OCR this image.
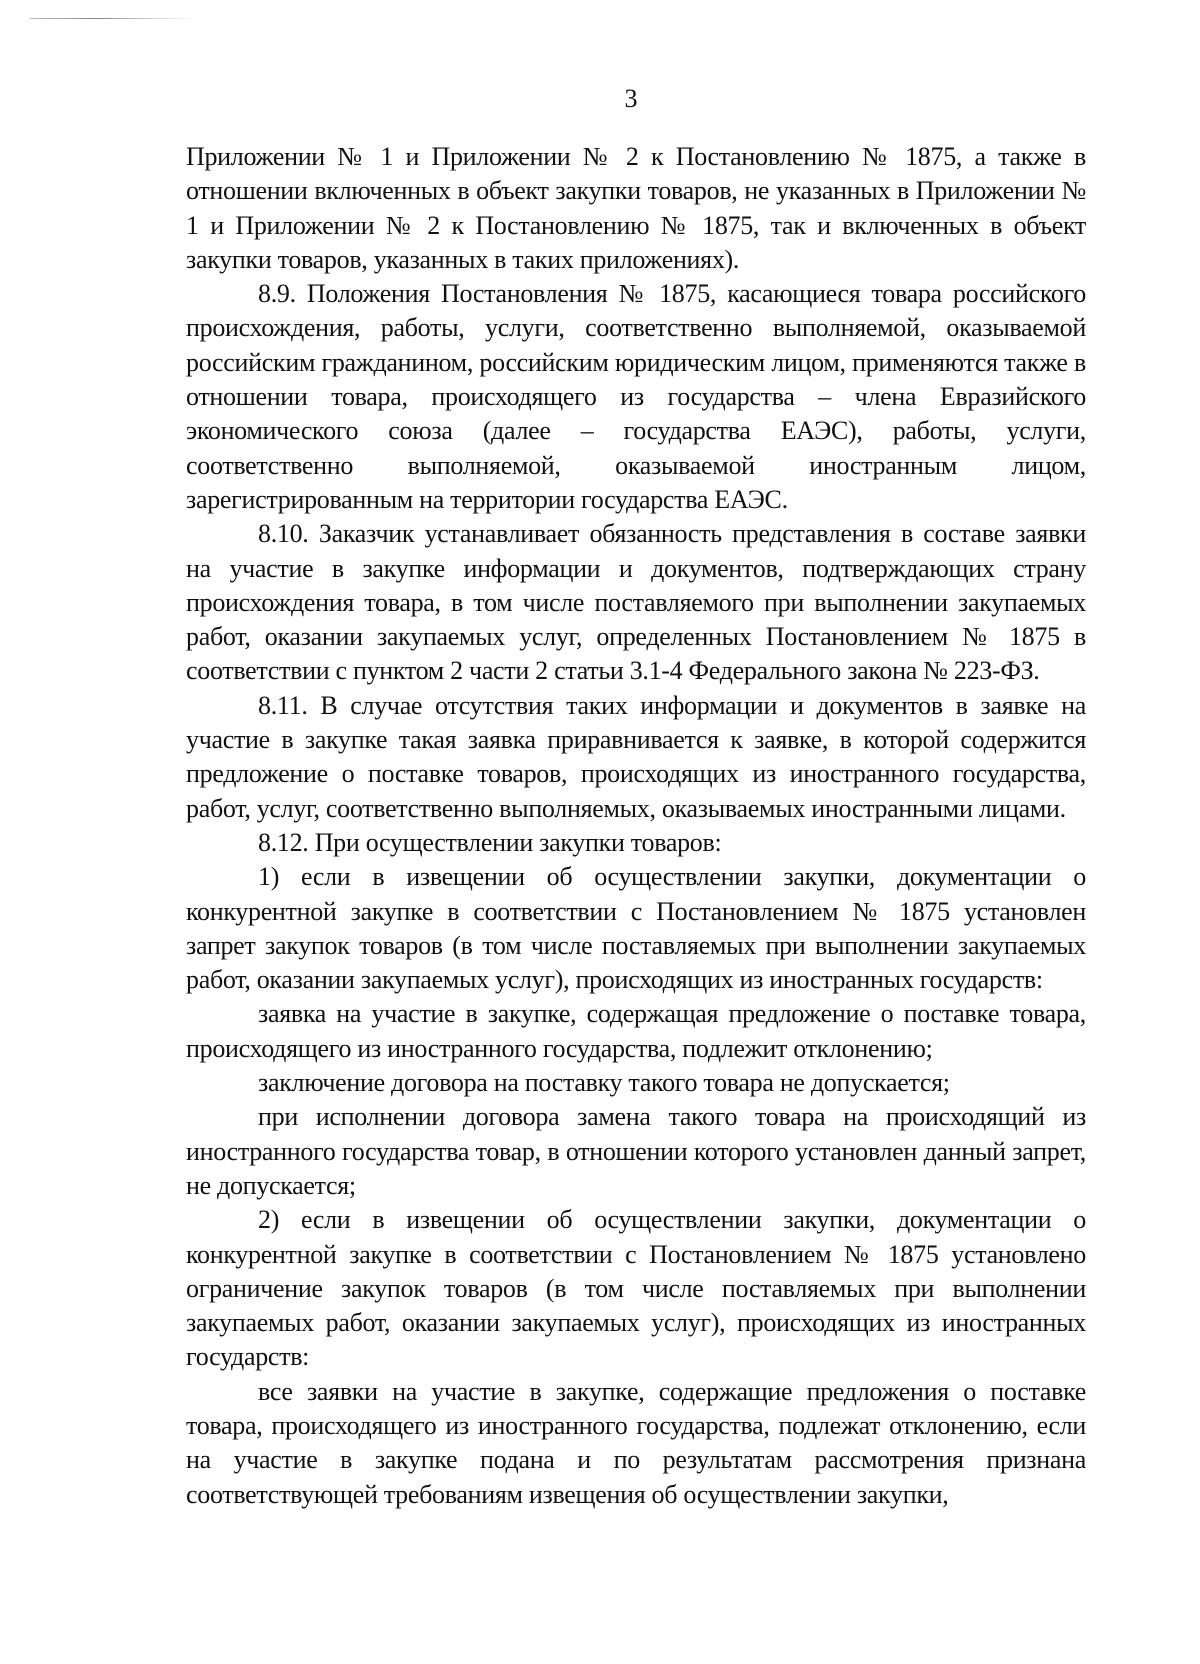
3

Приложении № 1 и Приложении № 2 к Постановлению № 1875, а также в отношении включенных в объект закупки товаров, не указанных в Приложении № 1 и Приложении № 2 к Постановлению № 1875, так и включенных в объект закупки товаров, указанных в таких приложениях).

8.9. Положения Постановления № 1875, касающиеся товара российского происхождения, работы, услуги, соответственно выполняемой, оказываемой российским гражданином, российским юридическим лицом, применяются также в отношении товара, происходящего из государства – члена Евразийского экономического союза (далее – государства ЕАЭС), работы, услуги, соответственно выполняемой, оказываемой иностранным лицом, зарегистрированным на территории государства ЕАЭС.

8.10. Заказчик устанавливает обязанность представления в составе заявки на участие в закупке информации и документов, подтверждающих страну происхождения товара, в том числе поставляемого при выполнении закупаемых работ, оказании закупаемых услуг, определенных Постановлением № 1875 в соответствии с пунктом 2 части 2 статьи 3.1-4 Федерального закона № 223-ФЗ.

8.11. В случае отсутствия таких информации и документов в заявке на участие в закупке такая заявка приравнивается к заявке, в которой содержится предложение о поставке товаров, происходящих из иностранного государства, работ, услуг, соответственно выполняемых, оказываемых иностранными лицами.

8.12. При осуществлении закупки товаров:

1) если в извещении об осуществлении закупки, документации о конкурентной закупке в соответствии с Постановлением № 1875 установлен запрет закупок товаров (в том числе поставляемых при выполнении закупаемых работ, оказании закупаемых услуг), происходящих из иностранных государств:

заявка на участие в закупке, содержащая предложение о поставке товара, происходящего из иностранного государства, подлежит отклонению;

заключение договора на поставку такого товара не допускается;

при исполнении договора замена такого товара на происходящий из иностранного государства товар, в отношении которого установлен данный запрет, не допускается;

2) если в извещении об осуществлении закупки, документации о конкурентной закупке в соответствии с Постановлением № 1875 установлено ограничение закупок товаров (в том числе поставляемых при выполнении закупаемых работ, оказании закупаемых услуг), происходящих из иностранных государств:

все заявки на участие в закупке, содержащие предложения о поставке товара, происходящего из иностранного государства, подлежат отклонению, если на участие в закупке подана и по результатам рассмотрения признана соответствующей требованиям извещения об осуществлении закупки,
